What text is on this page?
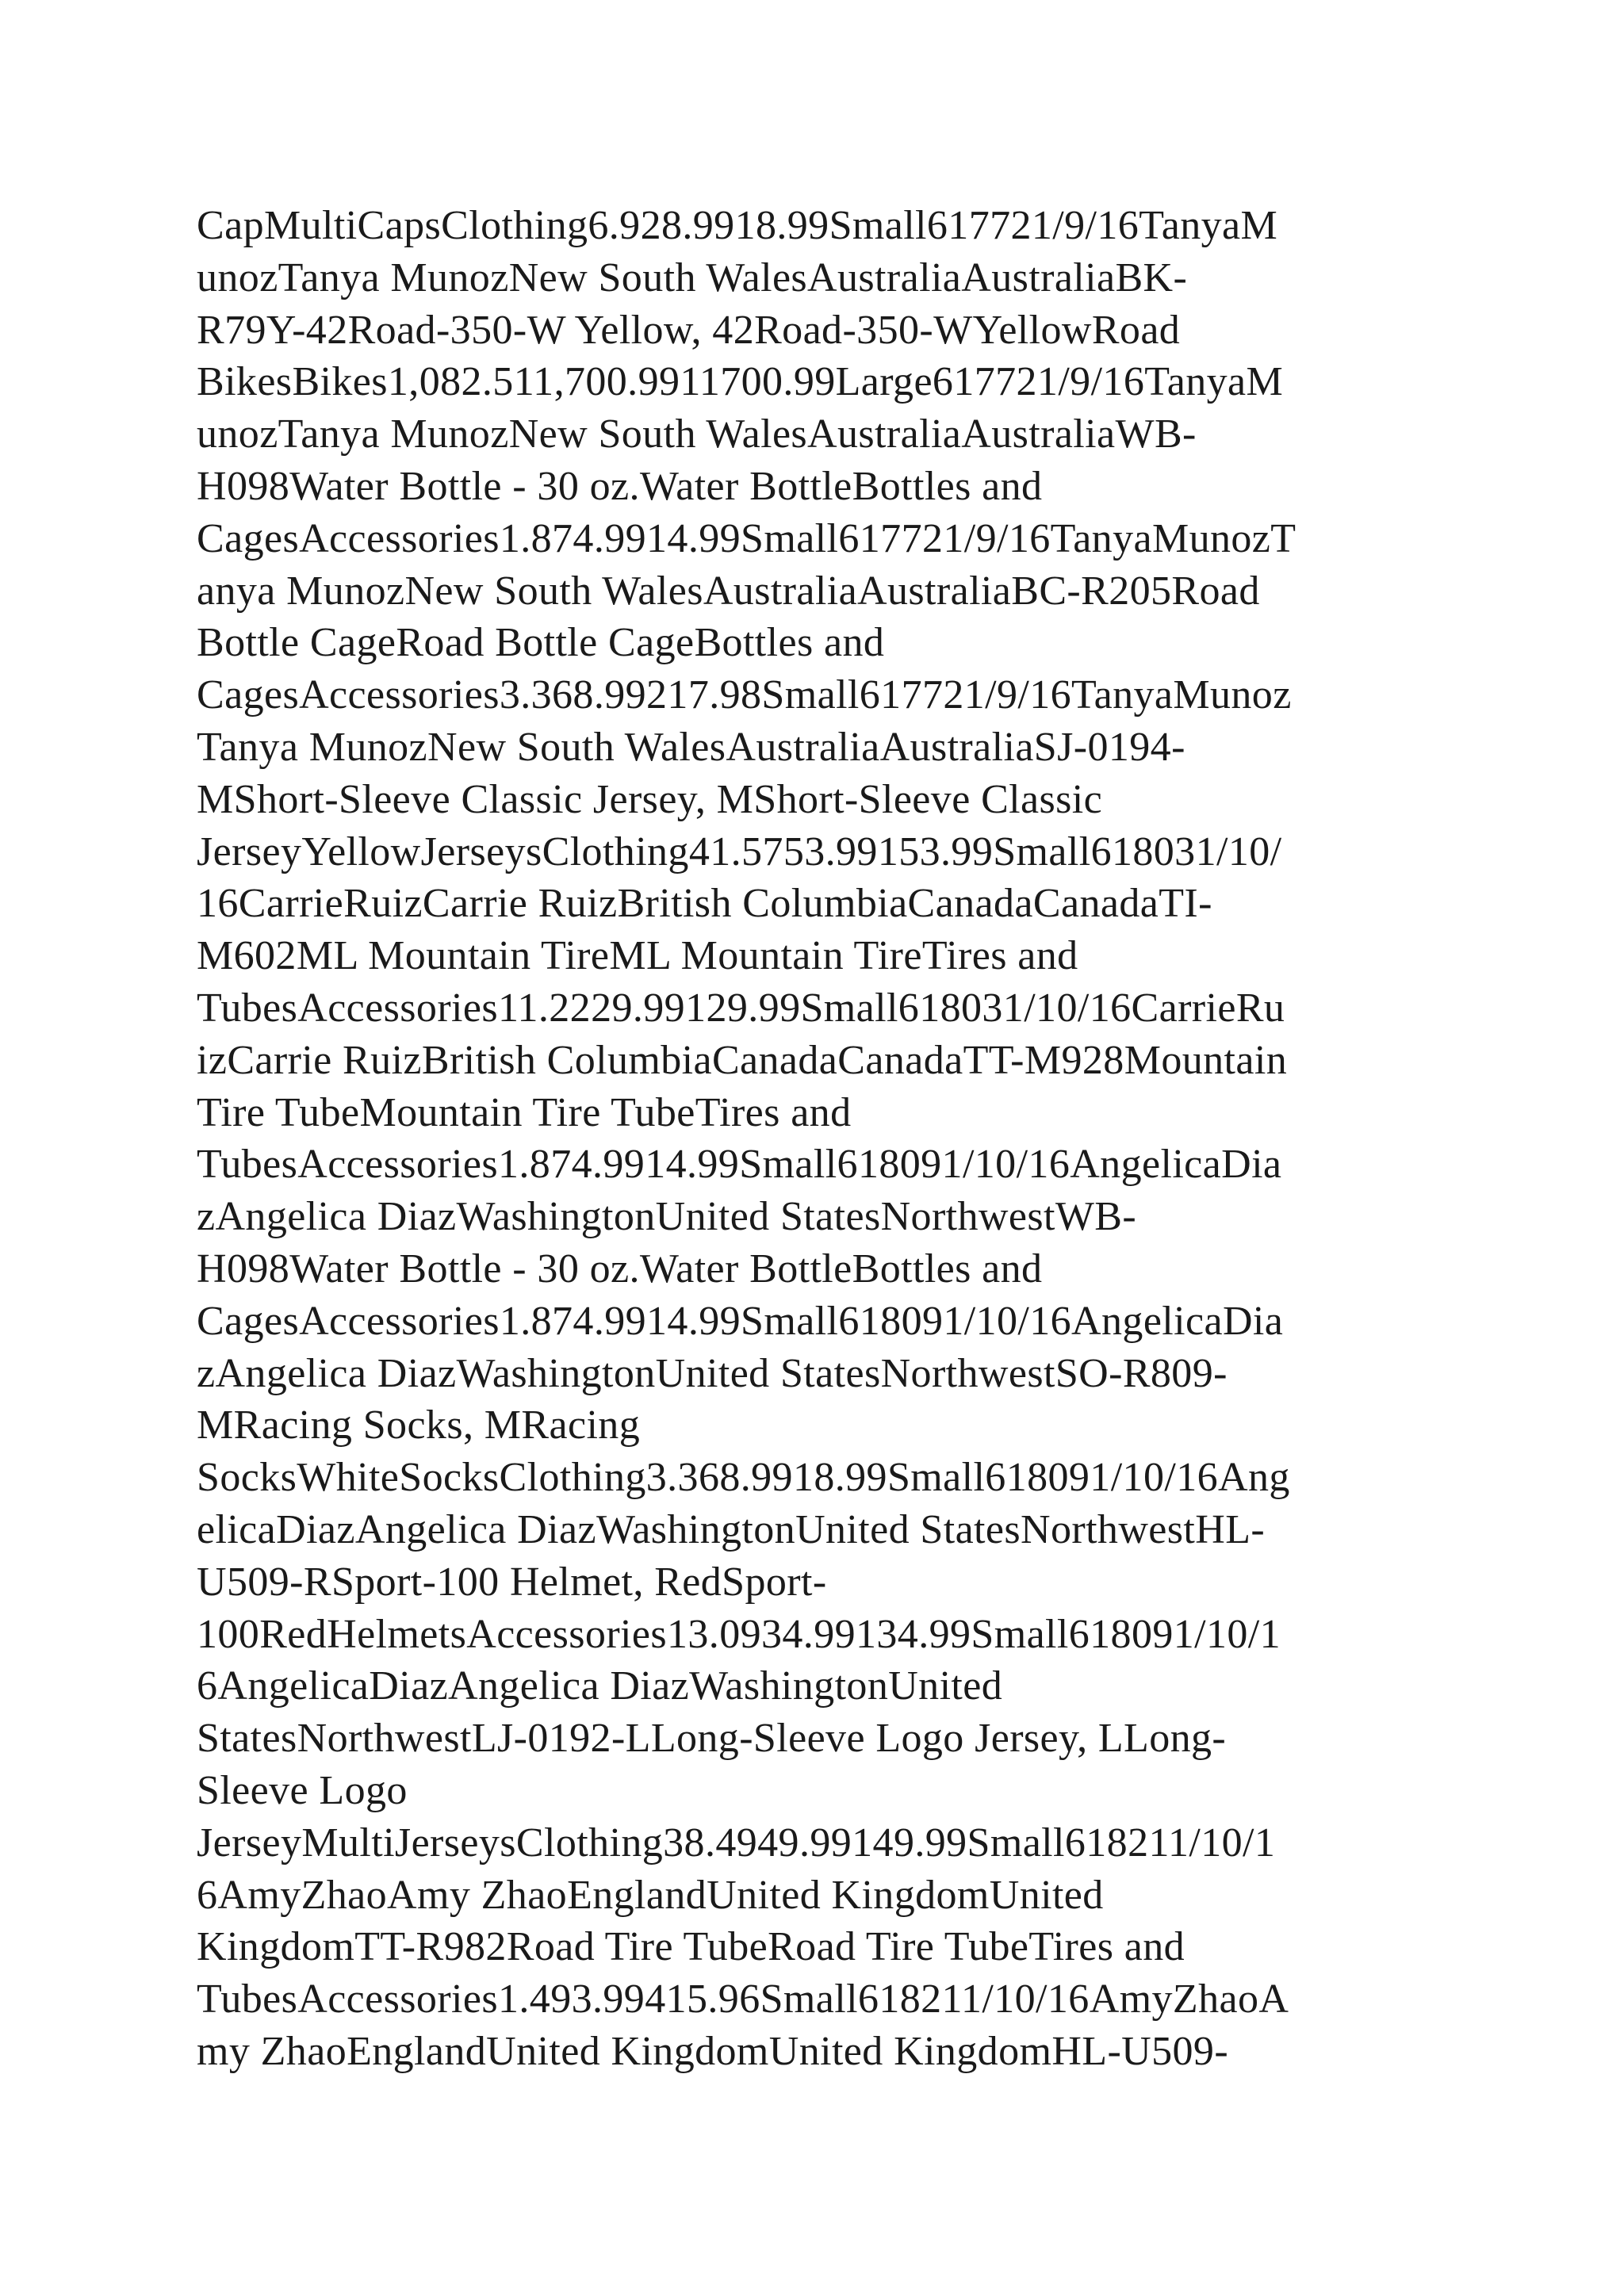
CapMultiCapsClothing6.928.9918.99Small617721/9/16TanyaM
unozTanya MunozNew South WalesAustraliaAustraliaBK-
R79Y-42Road-350-W Yellow, 42Road-350-WYellowRoad
BikesBikes1,082.511,700.9911700.99Large617721/9/16TanyaM
unozTanya MunozNew South WalesAustraliaAustraliaWB-
H098Water Bottle - 30 oz.Water BottleBottles and
CagesAccessories1.874.9914.99Small617721/9/16TanyaMunozT
anya MunozNew South WalesAustraliaAustraliaBC-R205Road
Bottle CageRoad Bottle CageBottles and
CagesAccessories3.368.99217.98Small617721/9/16TanyaMunoz
Tanya MunozNew South WalesAustraliaAustraliaSJ-0194-
MShort-Sleeve Classic Jersey, MShort-Sleeve Classic
JerseyYellowJerseysClothing41.5753.99153.99Small618031/10/
16CarrieRuizCarrie RuizBritish ColumbiaCanadaCanadaTI-
M602ML Mountain TireML Mountain TireTires and
TubesAccessories11.2229.99129.99Small618031/10/16CarrieRu
izCarrie RuizBritish ColumbiaCanadaCanadaTT-M928Mountain
Tire TubeMountain Tire TubeTires and
TubesAccessories1.874.9914.99Small618091/10/16AngelicaDia
zAngelica DiazWashingtonUnited StatesNorthwestWB-
H098Water Bottle - 30 oz.Water BottleBottles and
CagesAccessories1.874.9914.99Small618091/10/16AngelicaDia
zAngelica DiazWashingtonUnited StatesNorthwestSO-R809-
MRacing Socks, MRacing
SocksWhiteSocksClothing3.368.9918.99Small618091/10/16Ang
elicaDiazAngelica DiazWashingtonUnited StatesNorthwestHL-
U509-RSport-100 Helmet, RedSport-
100RedHelmetsAccessories13.0934.99134.99Small618091/10/1
6AngelicaDiazAngelica DiazWashingtonUnited
StatesNorthwestLJ-0192-LLong-Sleeve Logo Jersey, LLong-
Sleeve Logo
JerseyMultiJerseysClothing38.4949.99149.99Small618211/10/1
6AmyZhaoAmy ZhaoEnglandUnited KingdomUnited
KingdomTT-R982Road Tire TubeRoad Tire TubeTires and
TubesAccessories1.493.99415.96Small618211/10/16AmyZhaoA
my ZhaoEnglandUnited KingdomUnited KingdomHL-U509-
